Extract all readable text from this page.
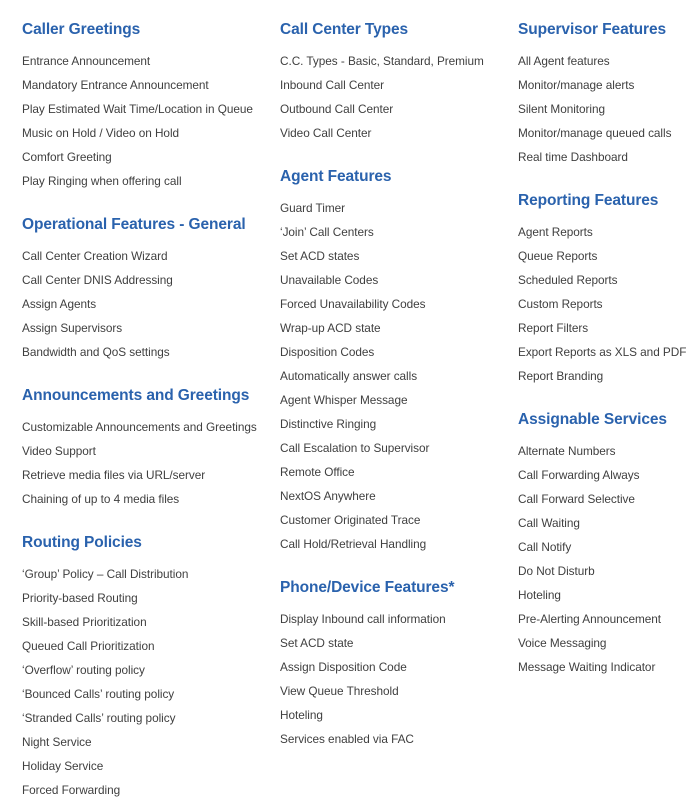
Caller Greetings
Entrance Announcement
Mandatory Entrance Announcement
Play Estimated Wait Time/Location in Queue
Music on Hold / Video on Hold
Comfort Greeting
Play Ringing when offering call
Operational Features - General
Call Center Creation Wizard
Call Center DNIS Addressing
Assign Agents
Assign Supervisors
Bandwidth and QoS settings
Announcements and Greetings
Customizable Announcements and Greetings
Video Support
Retrieve media files via URL/server
Chaining of up to 4 media files
Routing Policies
‘Group’ Policy – Call Distribution
Priority-based Routing
Skill-based Prioritization
Queued Call Prioritization
‘Overflow’ routing policy
‘Bounced Calls’ routing policy
‘Stranded Calls’ routing policy
Night Service
Holiday Service
Forced Forwarding
Call Center Types
C.C. Types - Basic, Standard, Premium
Inbound Call Center
Outbound Call Center
Video Call Center
Agent Features
Guard Timer
‘Join’ Call Centers
Set ACD states
Unavailable Codes
Forced Unavailability Codes
Wrap-up ACD state
Disposition Codes
Automatically answer calls
Agent Whisper Message
Distinctive Ringing
Call Escalation to Supervisor
Remote Office
NextOS Anywhere
Customer Originated Trace
Call Hold/Retrieval Handling
Phone/Device Features*
Display Inbound call information
Set ACD state
Assign Disposition Code
View Queue Threshold
Hoteling
Services enabled via FAC
Supervisor Features
All Agent features
Monitor/manage alerts
Silent Monitoring
Monitor/manage queued calls
Real time Dashboard
Reporting Features
Agent Reports
Queue Reports
Scheduled Reports
Custom Reports
Report Filters
Export Reports as XLS and PDF
Report Branding
Assignable Services
Alternate Numbers
Call Forwarding Always
Call Forward Selective
Call Waiting
Call Notify
Do Not Disturb
Hoteling
Pre-Alerting Announcement
Voice Messaging
Message Waiting Indicator
